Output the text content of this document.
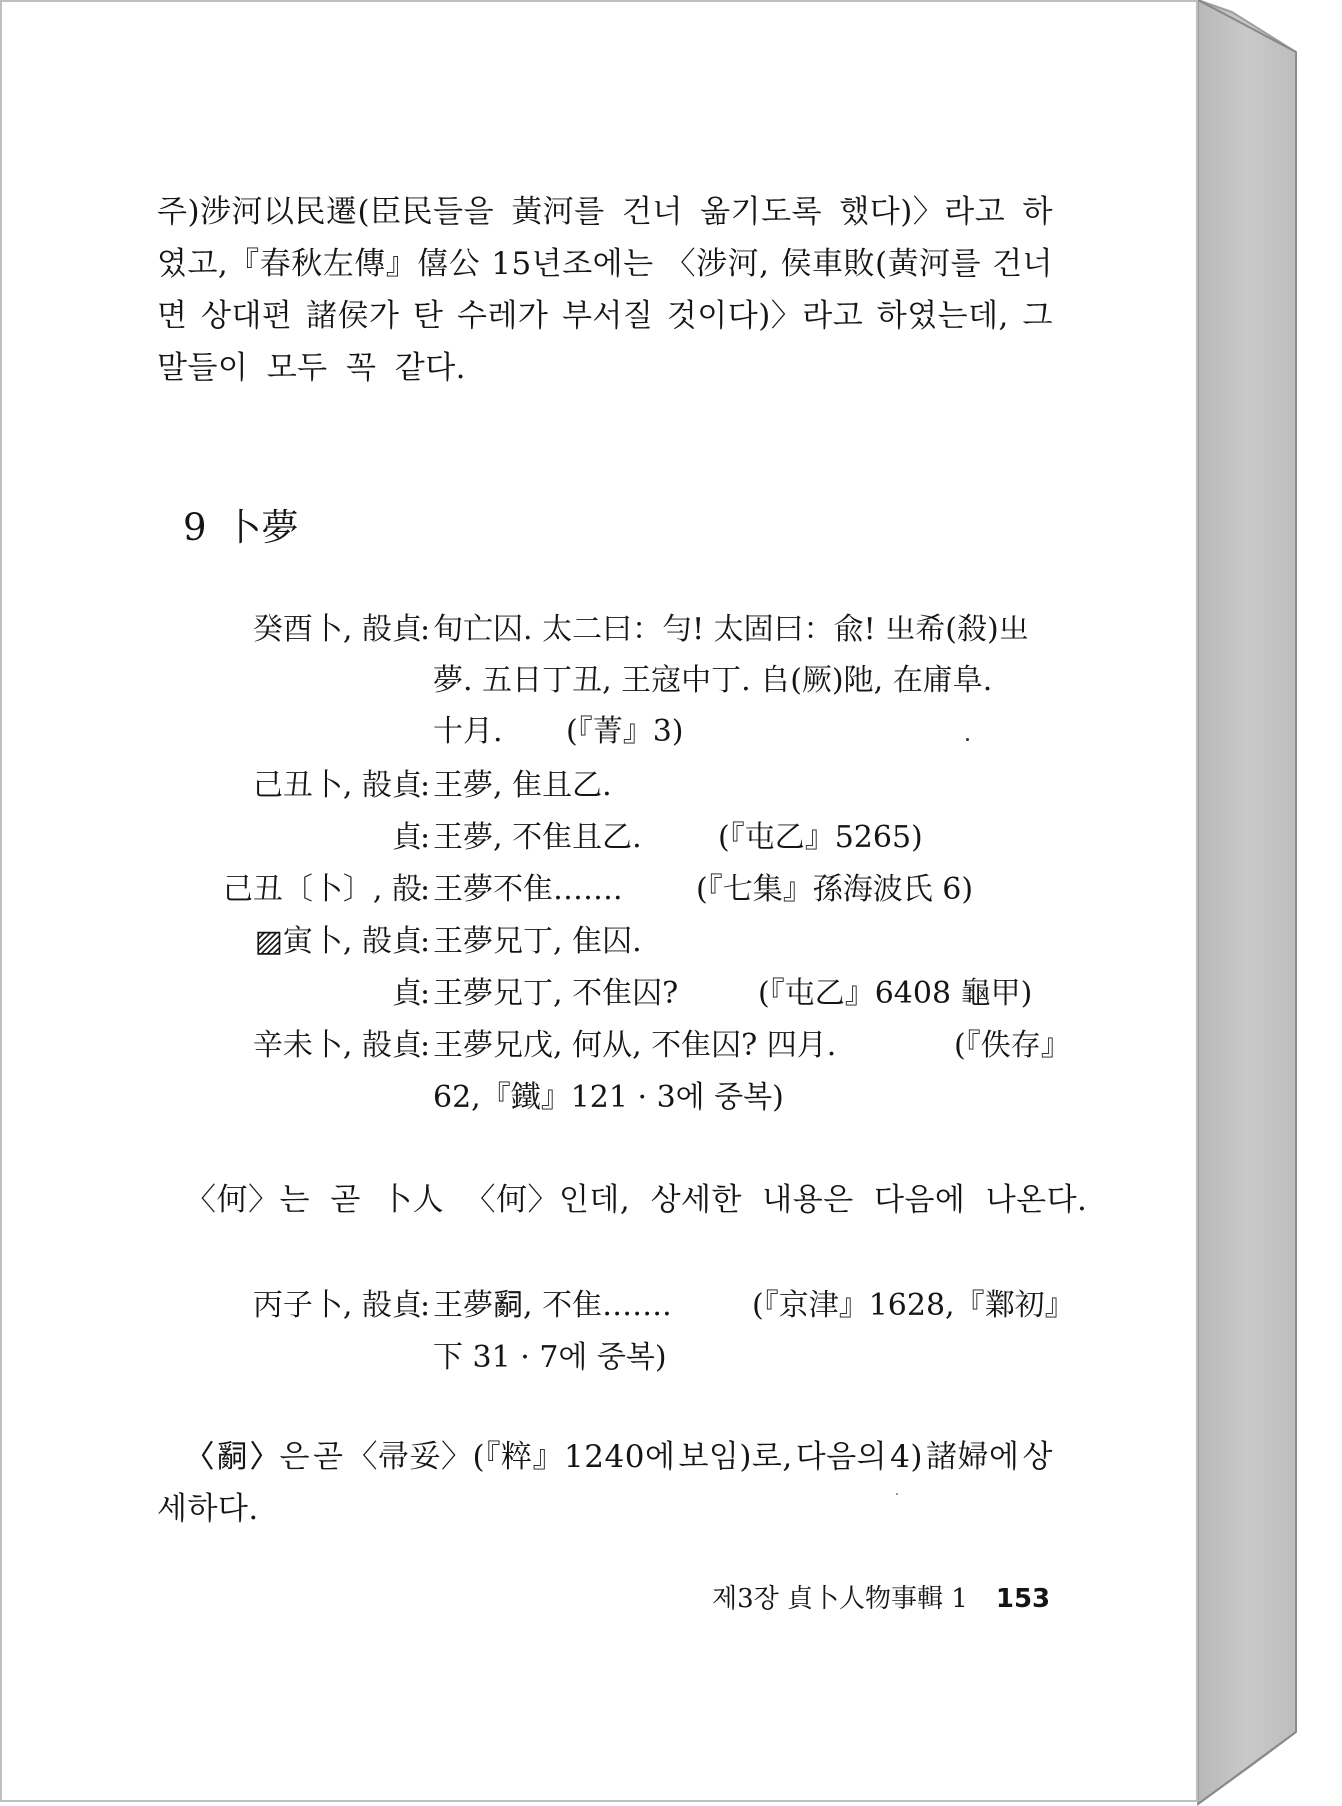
주)涉河以民遷(臣民들을 黃河를 건너 옮기도록 했다)〉라고 하
였고,『春秋左傳』僖公 15년조에는 〈涉河, 侯車敗(黃河를 건너
면 상대편 諸侯가 탄 수레가 부서질 것이다)〉라고 하였는데, 그
말들이 모두 꼭 같다.
9 卜夢
癸酉卜, 㱿貞
: 旬亡囚. 太二曰：勻! 太固曰：兪! 㞢希(殺)㞢
夢. 五日丁丑, 王寇中丁. 𠂤(厥)阤, 在庯阜.
十月. (『菁』3)
己丑卜, 㱿貞
: 王夢, 隹且乙.
貞
: 王夢, 不隹且乙.	(『屯乙』5265)
己丑〔卜〕, 㱿
: 王夢不隹……. (『七集』孫海波氏 6)
▨寅卜, 㱿貞
: 王夢兄丁, 隹囚.
貞
: 王夢兄丁, 不隹囚?	(『屯乙』6408 龜甲)
辛未卜, 㱿貞
: 王夢兄戊, 何从, 不隹囚? 四月.	(『佚存』
62,『鐵』121 · 3에 중복)
〈何〉는 곧 卜人 〈何〉인데, 상세한 내용은 다음에 나온다.
丙子卜, 㱿貞
: 王夢𤔲, 不隹…….	(『京津』1628,『鄴初』
下 31 · 7에 중복)
〈𤔲〉은 곧 〈帚妥〉(『粹』1240에 보임)로, 다음의 4) 諸婦에 상
세하다.
제3장 貞卜人物事輯 1 153
